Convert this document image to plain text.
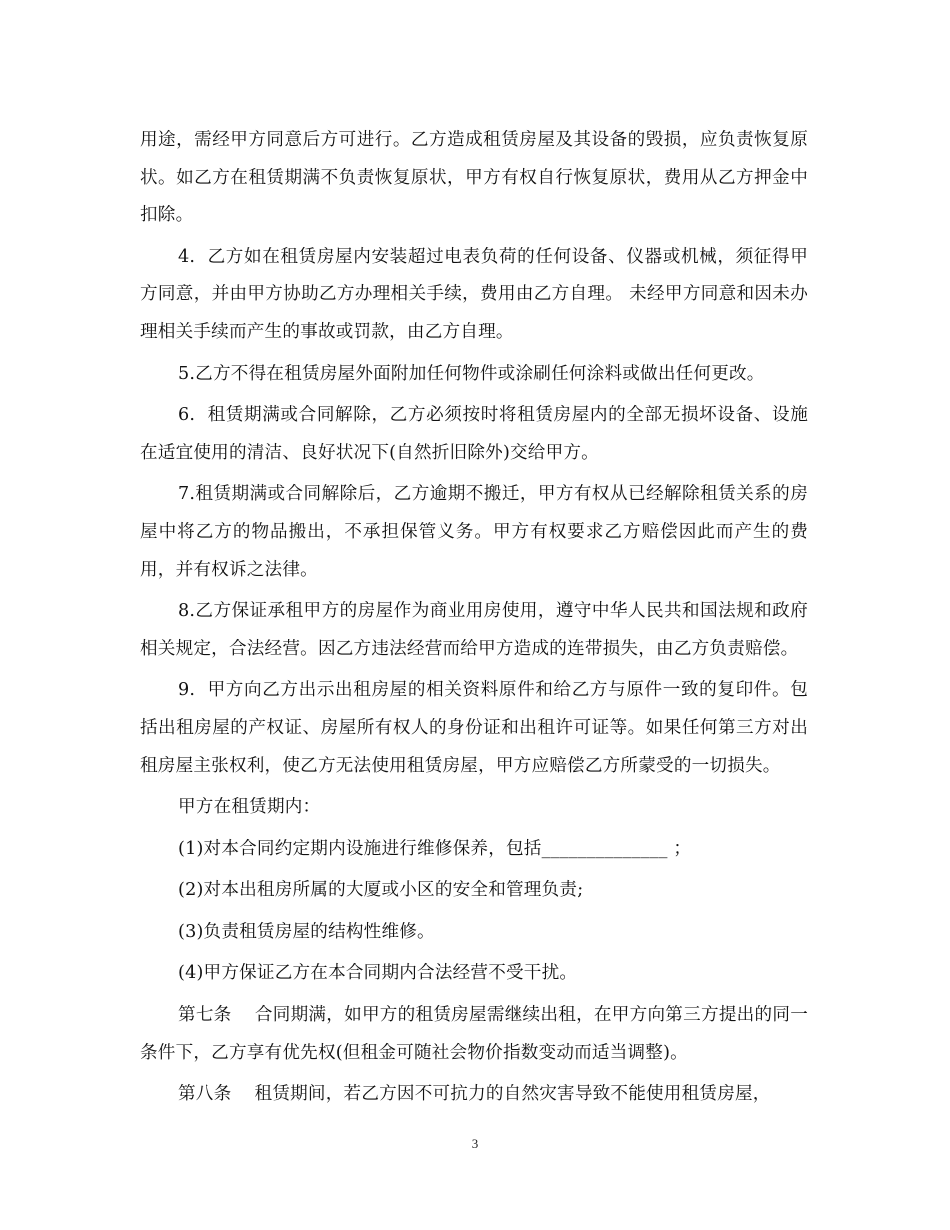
用途，需经甲方同意后方可进行。乙方造成租赁房屋及其设备的毁损，应负责恢复原状。如乙方在租赁期满不负责恢复原状，甲方有权自行恢复原状，费用从乙方押金中扣除。

4.  乙方如在租赁房屋内安装超过电表负荷的任何设备、仪器或机械，须征得甲方同意，并由甲方协助乙方办理相关手续，费用由乙方自理。 未经甲方同意和因未办理相关手续而产生的事故或罚款，由乙方自理。

5.乙方不得在租赁房屋外面附加任何物件或涂刷任何涂料或做出任何更改。

6.  租赁期满或合同解除，乙方必须按时将租赁房屋内的全部无损坏设备、设施在适宜使用的清洁、良好状况下(自然折旧除外)交给甲方。

7.租赁期满或合同解除后，乙方逾期不搬迁，甲方有权从已经解除租赁关系的房屋中将乙方的物品搬出，不承担保管义务。甲方有权要求乙方赔偿因此而产生的费用，并有权诉之法律。

8.乙方保证承租甲方的房屋作为商业用房使用，遵守中华人民共和国法规和政府相关规定，合法经营。因乙方违法经营而给甲方造成的连带损失，由乙方负责赔偿。

9.  甲方向乙方出示出租房屋的相关资料原件和给乙方与原件一致的复印件。包括出租房屋的产权证、房屋所有权人的身份证和出租许可证等。如果任何第三方对出租房屋主张权利，使乙方无法使用租赁房屋，甲方应赔偿乙方所蒙受的一切损失。

甲方在租赁期内：

(1)对本合同约定期内设施进行维修保养，包括______________ ；

(2)对本出租房所属的大厦或小区的安全和管理负责;

(3)负责租赁房屋的结构性维修。

(4)甲方保证乙方在本合同期内合法经营不受干扰。

第七条    合同期满，如甲方的租赁房屋需继续出租，在甲方向第三方提出的同一条件下，乙方享有优先权(但租金可随社会物价指数变动而适当调整)。

第八条    租赁期间，若乙方因不可抗力的自然灾害导致不能使用租赁房屋，

3
